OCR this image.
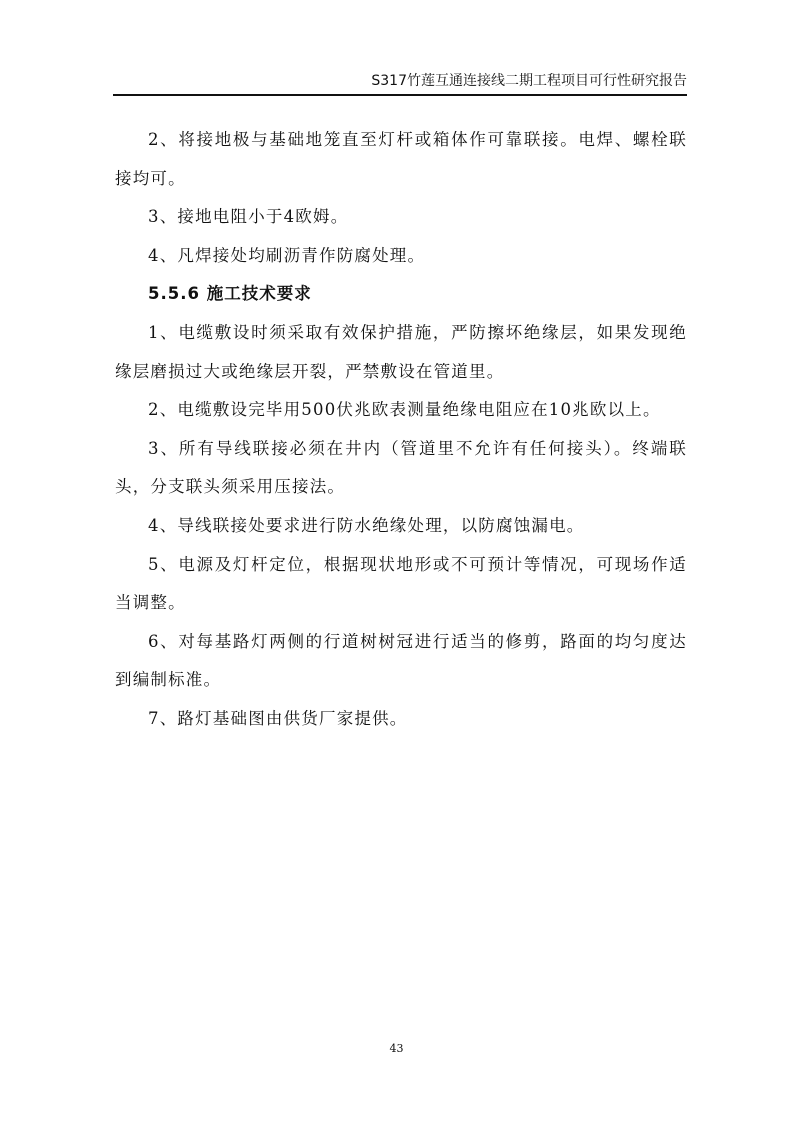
S317竹莲互通连接线二期工程项目可行性研究报告

2、将接地极与基础地笼直至灯杆或箱体作可靠联接。电焊、螺栓联接均可。

3、接地电阻小于4欧姆。

4、凡焊接处均刷沥青作防腐处理。

5.5.6 施工技术要求

1、电缆敷设时须采取有效保护措施，严防擦坏绝缘层，如果发现绝缘层磨损过大或绝缘层开裂，严禁敷设在管道里。

2、电缆敷设完毕用500伏兆欧表测量绝缘电阻应在10兆欧以上。

3、所有导线联接必须在井内（管道里不允许有任何接头）。终端联头，分支联头须采用压接法。

4、导线联接处要求进行防水绝缘处理，以防腐蚀漏电。

5、电源及灯杆定位，根据现状地形或不可预计等情况，可现场作适当调整。

6、对每基路灯两侧的行道树树冠进行适当的修剪，路面的均匀度达到编制标准。

7、路灯基础图由供货厂家提供。

43
